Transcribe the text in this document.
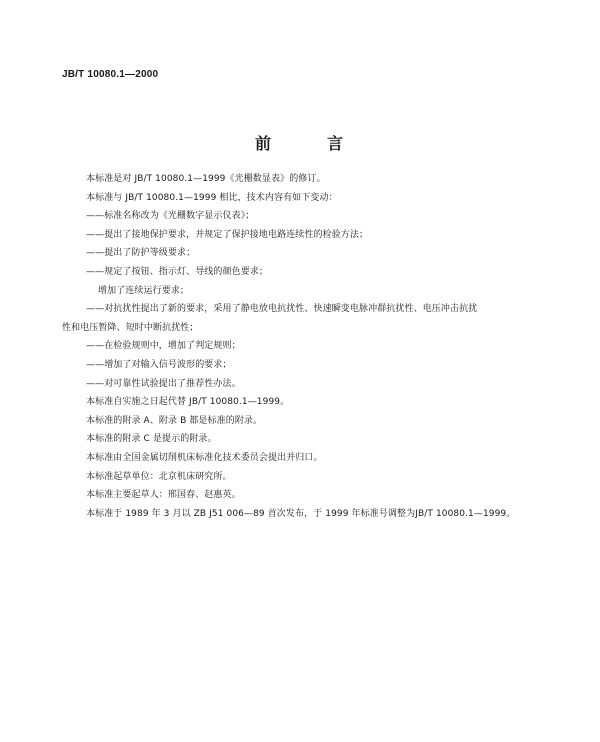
JB/T 10080.1—2000
前	言
本标准是对 JB/T 10080.1—1999《光栅数显表》的修订。
本标准与 JB/T 10080.1—1999 相比，技术内容有如下变动：
——标准名称改为《光栅数字显示仪表》；
——提出了接地保护要求，并规定了保护接地电路连续性的检验方法；
——提出了防护等级要求；
——规定了按钮、指示灯、导线的颜色要求；
增加了连续运行要求；
——对抗扰性提出了新的要求，采用了静电放电抗扰性、快速瞬变电脉冲群抗扰性、电压冲击抗扰
性和电压暂降、短时中断抗扰性；
——在检验规则中，增加了判定规则；
——增加了对输入信号波形的要求；
——对可靠性试验提出了推荐性办法。
本标准自实施之日起代替 JB/T 10080.1—1999。
本标准的附录 A、附录 B 都是标准的附录。
本标准的附录 C 是提示的附录。
本标准由全国金属切削机床标准化技术委员会提出并归口。
本标准起草单位：北京机床研究所。
本标准主要起草人：邢国春、赵惠英。
本标准于 1989 年 3 月以 ZB J51 006—89 首次发布，于 1999 年标准号调整为JB/T 10080.1—1999。
